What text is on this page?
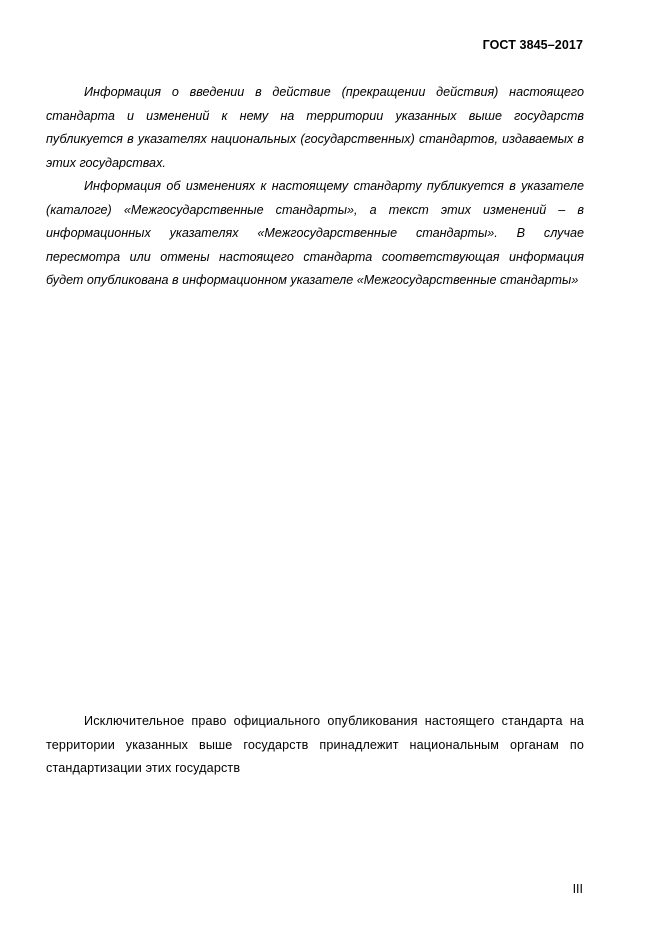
ГОСТ 3845–2017

Информация о введении в действие (прекращении действия) настоящего стандарта и изменений к нему на территории указанных выше государств публикуется в указателях национальных (государственных) стандартов, издаваемых в этих государствах.

Информация об изменениях к настоящему стандарту публикуется в указателе (каталоге) «Межгосударственные стандарты», а текст этих изменений – в информационных указателях «Межгосударственные стандарты». В случае пересмотра или отмены настоящего стандарта соответствующая информация будет опубликована в информационном указателе «Межгосударственные стандарты»

Исключительное право официального опубликования настоящего стандарта на территории указанных выше государств принадлежит национальным органам по стандартизации этих государств

III
